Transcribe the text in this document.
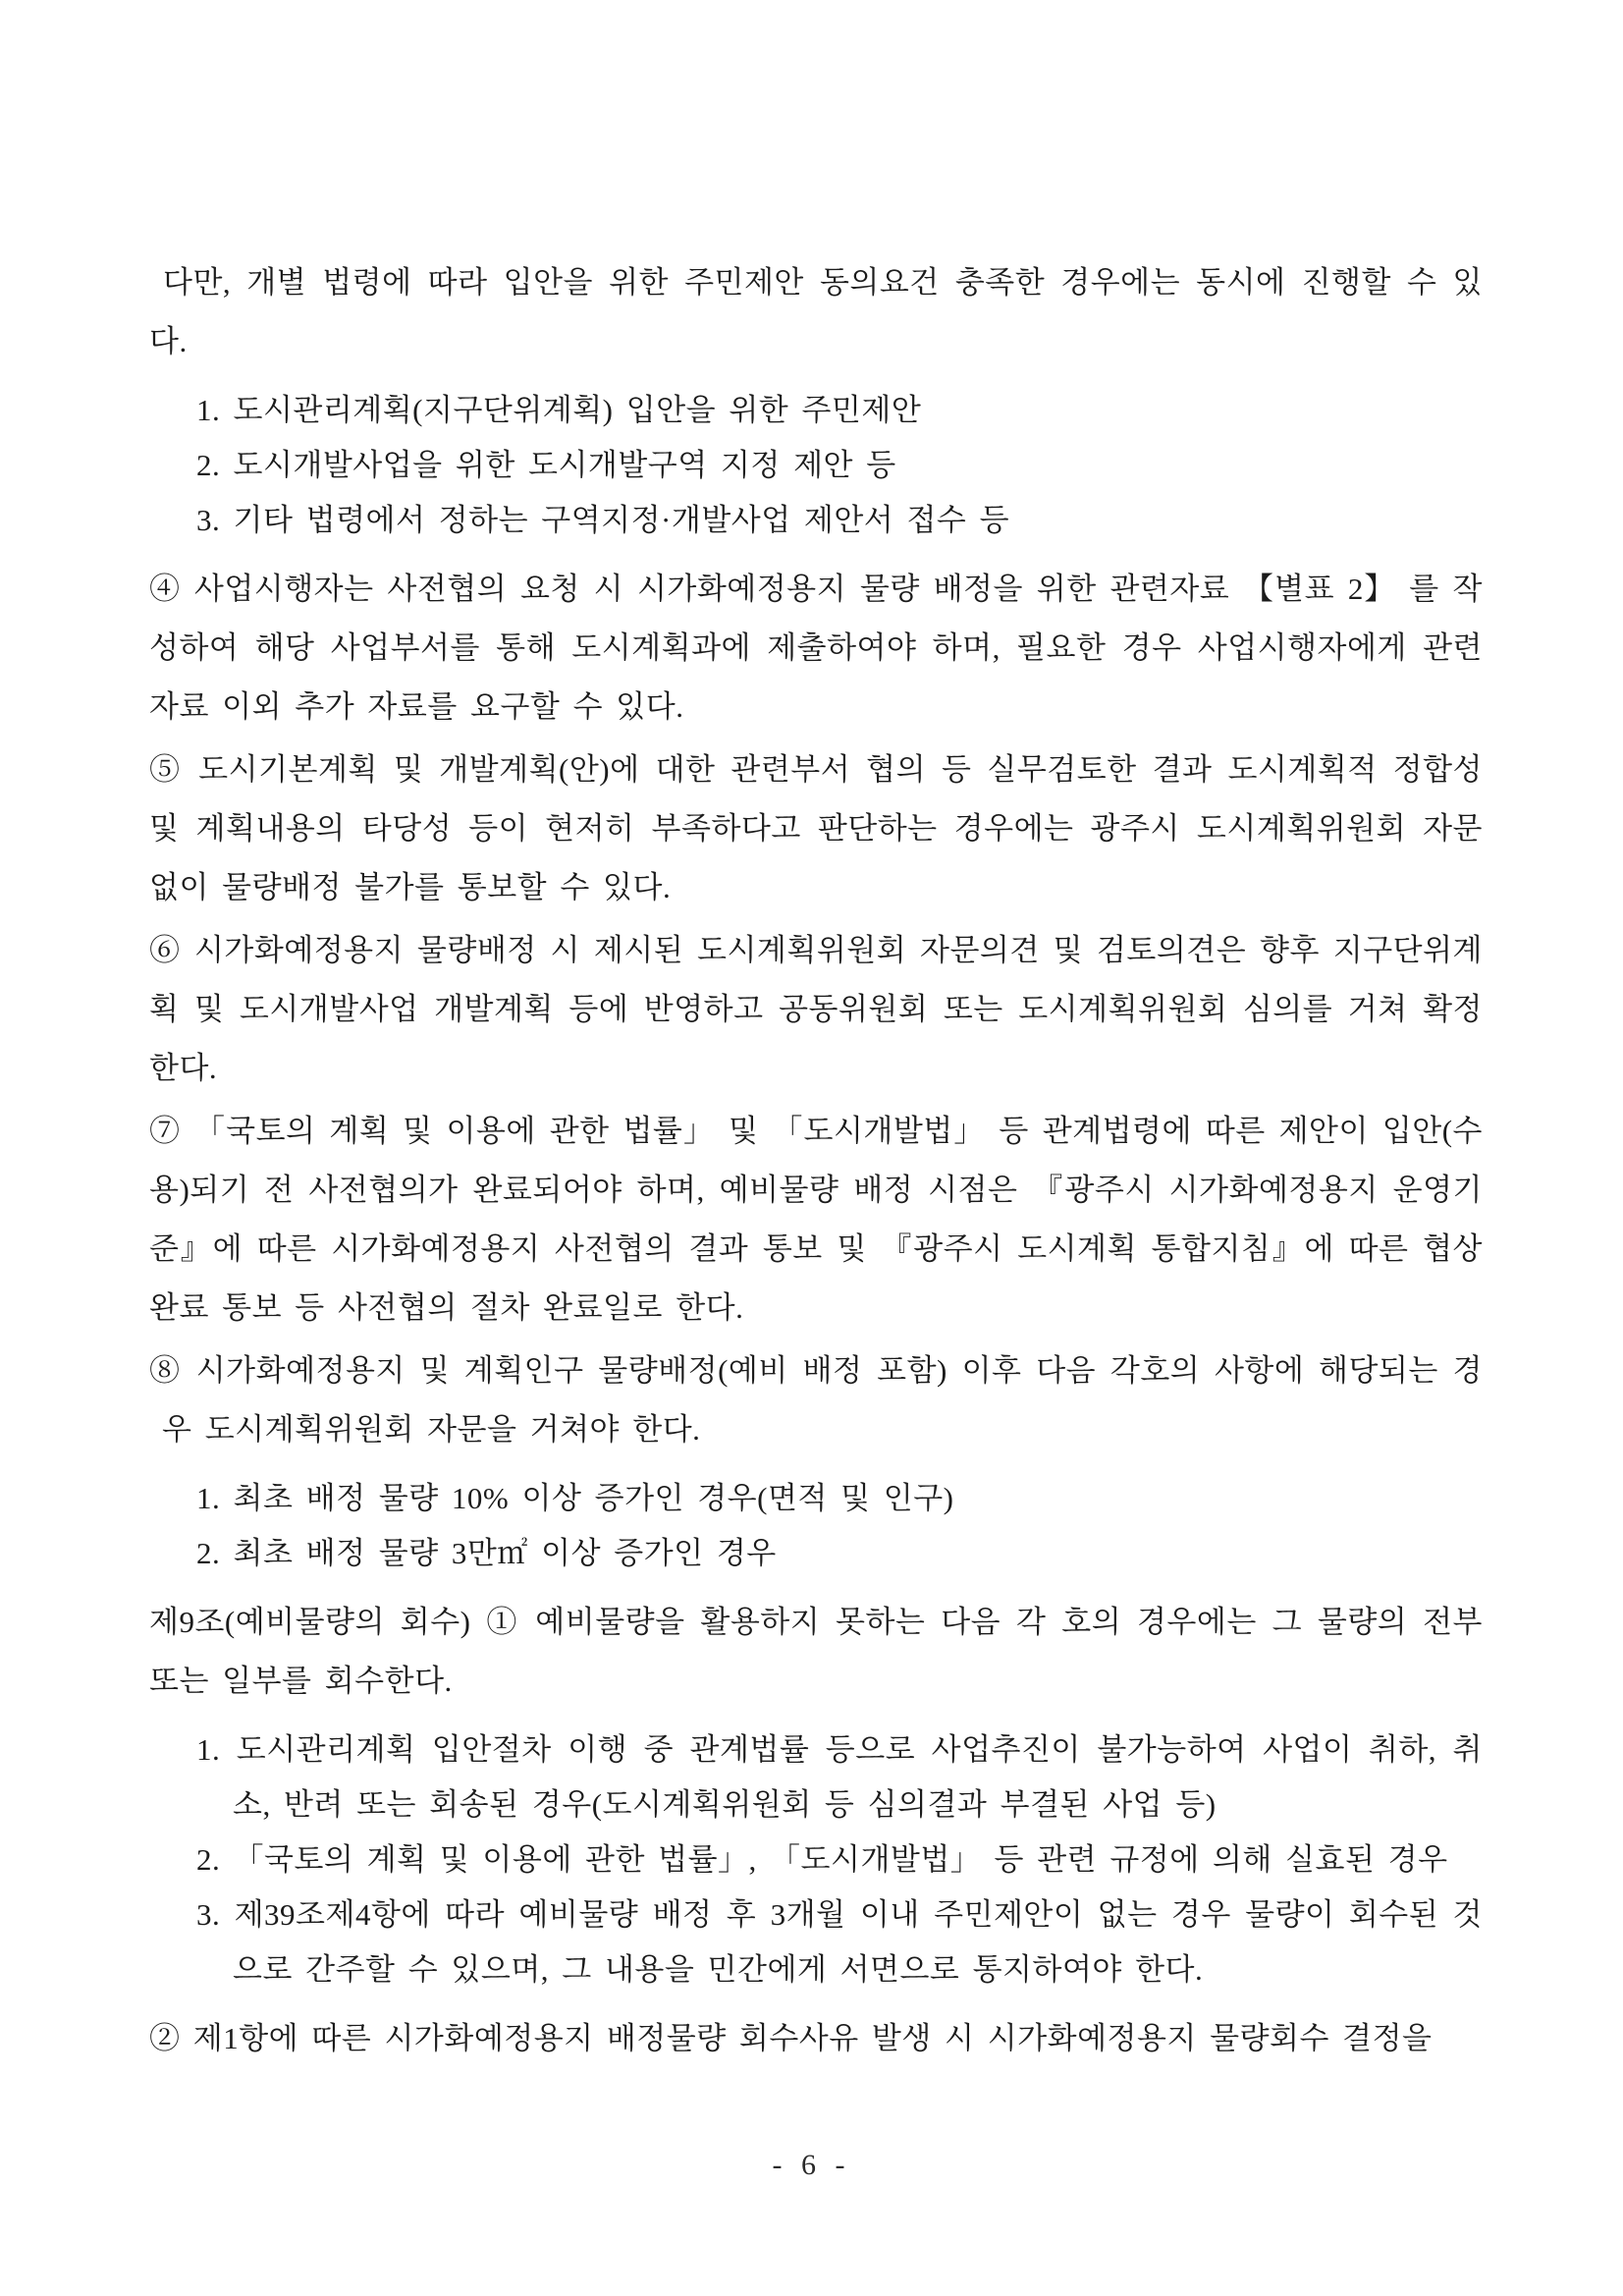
다만, 개별 법령에 따라 입안을 위한 주민제안 동의요건 충족한 경우에는 동시에 진행할 수 있다.

1. 도시관리계획(지구단위계획) 입안을 위한 주민제안

2. 도시개발사업을 위한 도시개발구역 지정 제안 등

3. 기타 법령에서 정하는 구역지정·개발사업 제안서 접수 등

④ 사업시행자는 사전협의 요청 시 시가화예정용지 물량 배정을 위한 관련자료 【별표 2】 를 작성하여 해당 사업부서를 통해 도시계획과에 제출하여야 하며, 필요한 경우 사업시행자에게 관련 자료 이외 추가 자료를 요구할 수 있다.

⑤ 도시기본계획 및 개발계획(안)에 대한 관련부서 협의 등 실무검토한 결과 도시계획적 정합성 및 계획내용의 타당성 등이 현저히 부족하다고 판단하는 경우에는 광주시 도시계획위원회 자문 없이 물량배정 불가를 통보할 수 있다.

⑥ 시가화예정용지 물량배정 시 제시된 도시계획위원회 자문의견 및 검토의견은 향후 지구단위계획 및 도시개발사업 개발계획 등에 반영하고 공동위원회 또는 도시계획위원회 심의를 거쳐 확정한다.

⑦ 「국토의 계획 및 이용에 관한 법률」 및 「도시개발법」 등 관계법령에 따른 제안이 입안(수용)되기 전 사전협의가 완료되어야 하며, 예비물량 배정 시점은 『광주시 시가화예정용지 운영기준』에 따른 시가화예정용지 사전협의 결과 통보 및 『광주시 도시계획 통합지침』에 따른 협상완료 통보 등 사전협의 절차 완료일로 한다.

⑧ 시가화예정용지 및 계획인구 물량배정(예비 배정 포함) 이후 다음 각호의 사항에 해당되는 경우 도시계획위원회 자문을 거쳐야 한다.

1. 최초 배정 물량 10% 이상 증가인 경우(면적 및 인구)

2. 최초 배정 물량 3만㎡ 이상 증가인 경우

제9조(예비물량의 회수) ① 예비물량을 활용하지 못하는 다음 각 호의 경우에는 그 물량의 전부 또는 일부를 회수한다.

1. 도시관리계획 입안절차 이행 중 관계법률 등으로 사업추진이 불가능하여 사업이 취하, 취소, 반려 또는 회송된 경우(도시계획위원회 등 심의결과 부결된 사업 등)

2. 「국토의 계획 및 이용에 관한 법률」, 「도시개발법」 등 관련 규정에 의해 실효된 경우

3. 제39조제4항에 따라 예비물량 배정 후 3개월 이내 주민제안이 없는 경우 물량이 회수된 것으로 간주할 수 있으며, 그 내용을 민간에게 서면으로 통지하여야 한다.

② 제1항에 따른 시가화예정용지 배정물량 회수사유 발생 시 시가화예정용지 물량회수 결정을

- 6 -
